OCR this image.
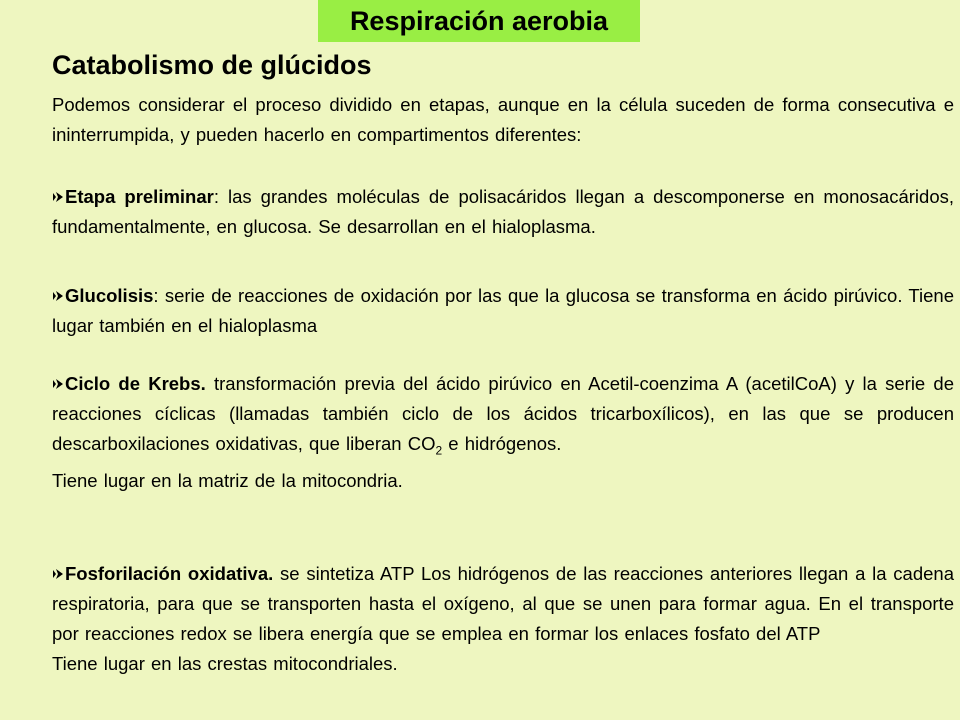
Respiración aerobia
Catabolismo de glúcidos
Podemos considerar el proceso dividido en etapas, aunque en la célula suceden de forma consecutiva e ininterrumpida, y pueden hacerlo en compartimentos diferentes:
Etapa preliminar: las grandes moléculas de polisacáridos llegan a descomponerse en monosacáridos, fundamentalmente, en glucosa. Se desarrollan en el hialoplasma.
Glucolisis: serie de reacciones de oxidación por las que la glucosa se transforma en ácido pirúvico. Tiene lugar también en el hialoplasma
Ciclo de Krebs. transformación previa del ácido pirúvico en Acetil-coenzima A (acetilCoA) y la serie de reacciones cíclicas (llamadas también ciclo de los ácidos tricarboxílicos), en las que se producen descarboxilaciones oxidativas, que liberan $CO_2$ e hidrógenos.
Tiene lugar en la matriz de la mitocondria.
Fosforilación oxidativa. se sintetiza ATP Los hidrógenos de las reacciones anteriores llegan a la cadena respiratoria, para que se transporten hasta el oxígeno, al que se unen para formar agua. En el transporte por reacciones redox se libera energía que se emplea en formar los enlaces fosfato del ATP
Tiene lugar en las crestas mitocondriales.
